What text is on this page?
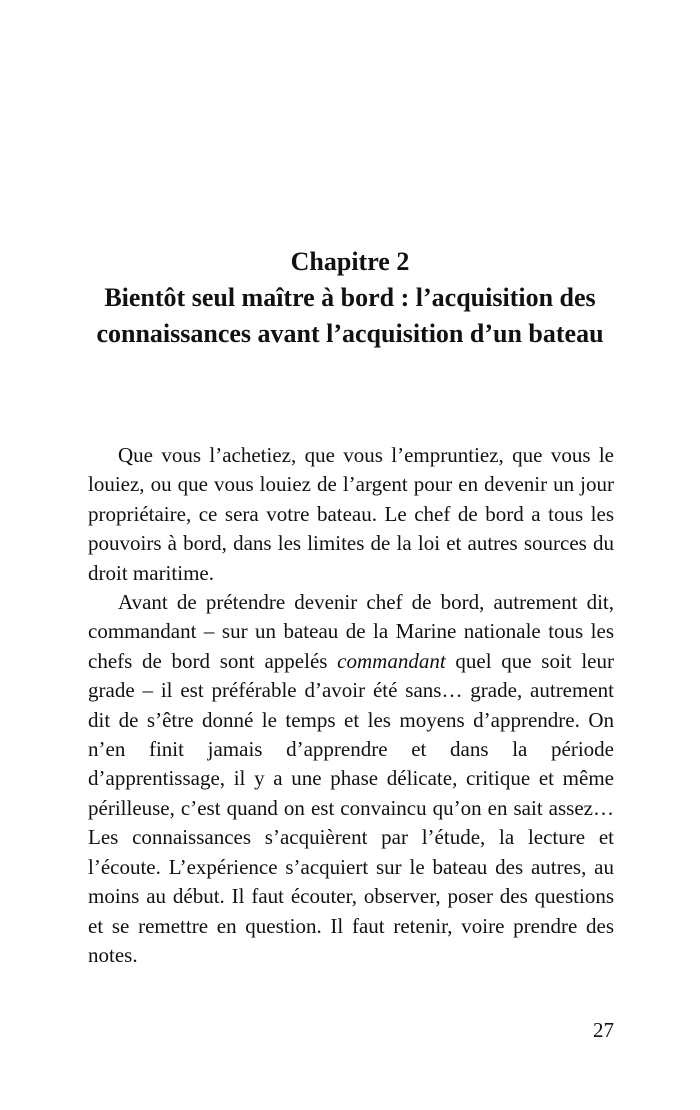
Chapitre 2
Bientôt seul maître à bord : l’acquisition des
connaissances avant l’acquisition d’un bateau

Que vous l’achetiez, que vous l’empruntiez, que vous le louiez, ou que vous louiez de l’argent pour en devenir un jour propriétaire, ce sera votre bateau. Le chef de bord a tous les pouvoirs à bord, dans les limites de la loi et autres sources du droit maritime.

Avant de prétendre devenir chef de bord, autrement dit, commandant – sur un bateau de la Marine nationale tous les chefs de bord sont appelés commandant quel que soit leur grade – il est préférable d’avoir été sans… grade, autrement dit de s’être donné le temps et les moyens d’apprendre. On n’en finit jamais d’apprendre et dans la période d’apprentissage, il y a une phase délicate, critique et même périlleuse, c’est quand on est convaincu qu’on en sait assez… Les connaissances s’acquièrent par l’étude, la lecture et l’écoute. L’expérience s’acquiert sur le bateau des autres, au moins au début. Il faut écouter, observer, poser des questions et se remettre en question. Il faut retenir, voire prendre des notes.

27
